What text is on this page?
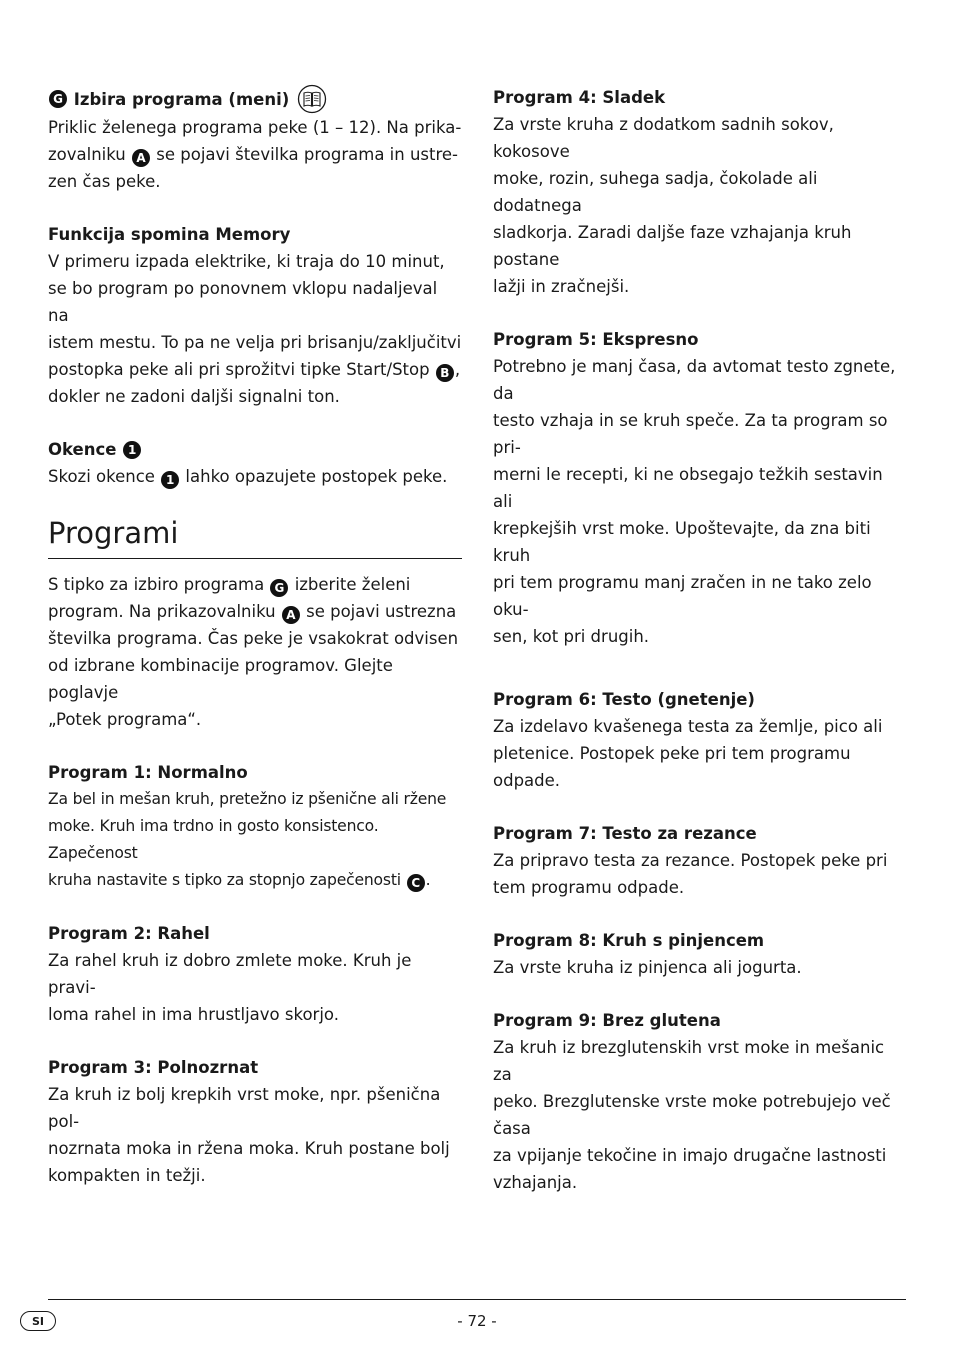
G
Izbira programa (meni)

Priklic želenega programa peke (1 – 12). Na prika-

zovalniku A se pojavi številka programa in ustre-

zen čas peke.

Funkcija spomina Memory

V primeru izpada elektrike, ki traja do 10 minut,

se bo program po ponovnem vklopu nadaljeval na

istem mestu. To pa ne velja pri brisanju/zaključitvi

postopka peke ali pri sprožitvi tipke Start/Stop B ,

dokler ne zadoni daljši signalni ton.

Okence
1

Skozi okence 1 lahko opazujete postopek peke.

Programi

S tipko za izbiro programa G izberite želeni

program. Na prikazovalniku A se pojavi ustrezna

številka programa. Čas peke je vsakokrat odvisen

od izbrane kombinacije programov. Glejte poglavje

„Potek programa“.

Program 1: Normalno

Za bel in mešan kruh, pretežno iz pšenične ali ržene

moke. Kruh ima trdno in gosto konsistenco. Zapečenost

kruha nastavite s tipko za stopnjo zapečenosti C .

Program 2: Rahel

Za rahel kruh iz dobro zmlete moke. Kruh je pravi-

loma rahel in ima hrustljavo skorjo.

Program 3: Polnozrnat

Za kruh iz bolj krepkih vrst moke, npr. pšenična pol-

nozrnata moka in ržena moka. Kruh postane bolj

kompakten in težji.

Program 4: Sladek

Za vrste kruha z dodatkom sadnih sokov, kokosove

moke, rozin, suhega sadja, čokolade ali dodatnega

sladkorja. Zaradi daljše faze vzhajanja kruh postane

lažji in zračnejši.

Program 5: Ekspresno

Potrebno je manj časa, da avtomat testo zgnete, da

testo vzhaja in se kruh speče. Za ta program so pri-

merni le recepti, ki ne obsegajo težkih sestavin ali

krepkejših vrst moke. Upoštevajte, da zna biti kruh

pri tem programu manj zračen in ne tako zelo oku-

sen, kot pri drugih.

Program 6: Testo (gnetenje)

Za izdelavo kvašenega testa za žemlje, pico ali

pletenice. Postopek peke pri tem programu odpade.

Program 7: Testo za rezance

Za pripravo testa za rezance. Postopek peke pri

tem programu odpade.

Program 8: Kruh s pinjencem

Za vrste kruha iz pinjenca ali jogurta.

Program 9: Brez glutena

Za kruh iz brezglutenskih vrst moke in mešanic za

peko. Brezglutenske vrste moke potrebujejo več časa

za vpijanje tekočine in imajo drugačne lastnosti

vzhajanja.

SI	- 72 -
